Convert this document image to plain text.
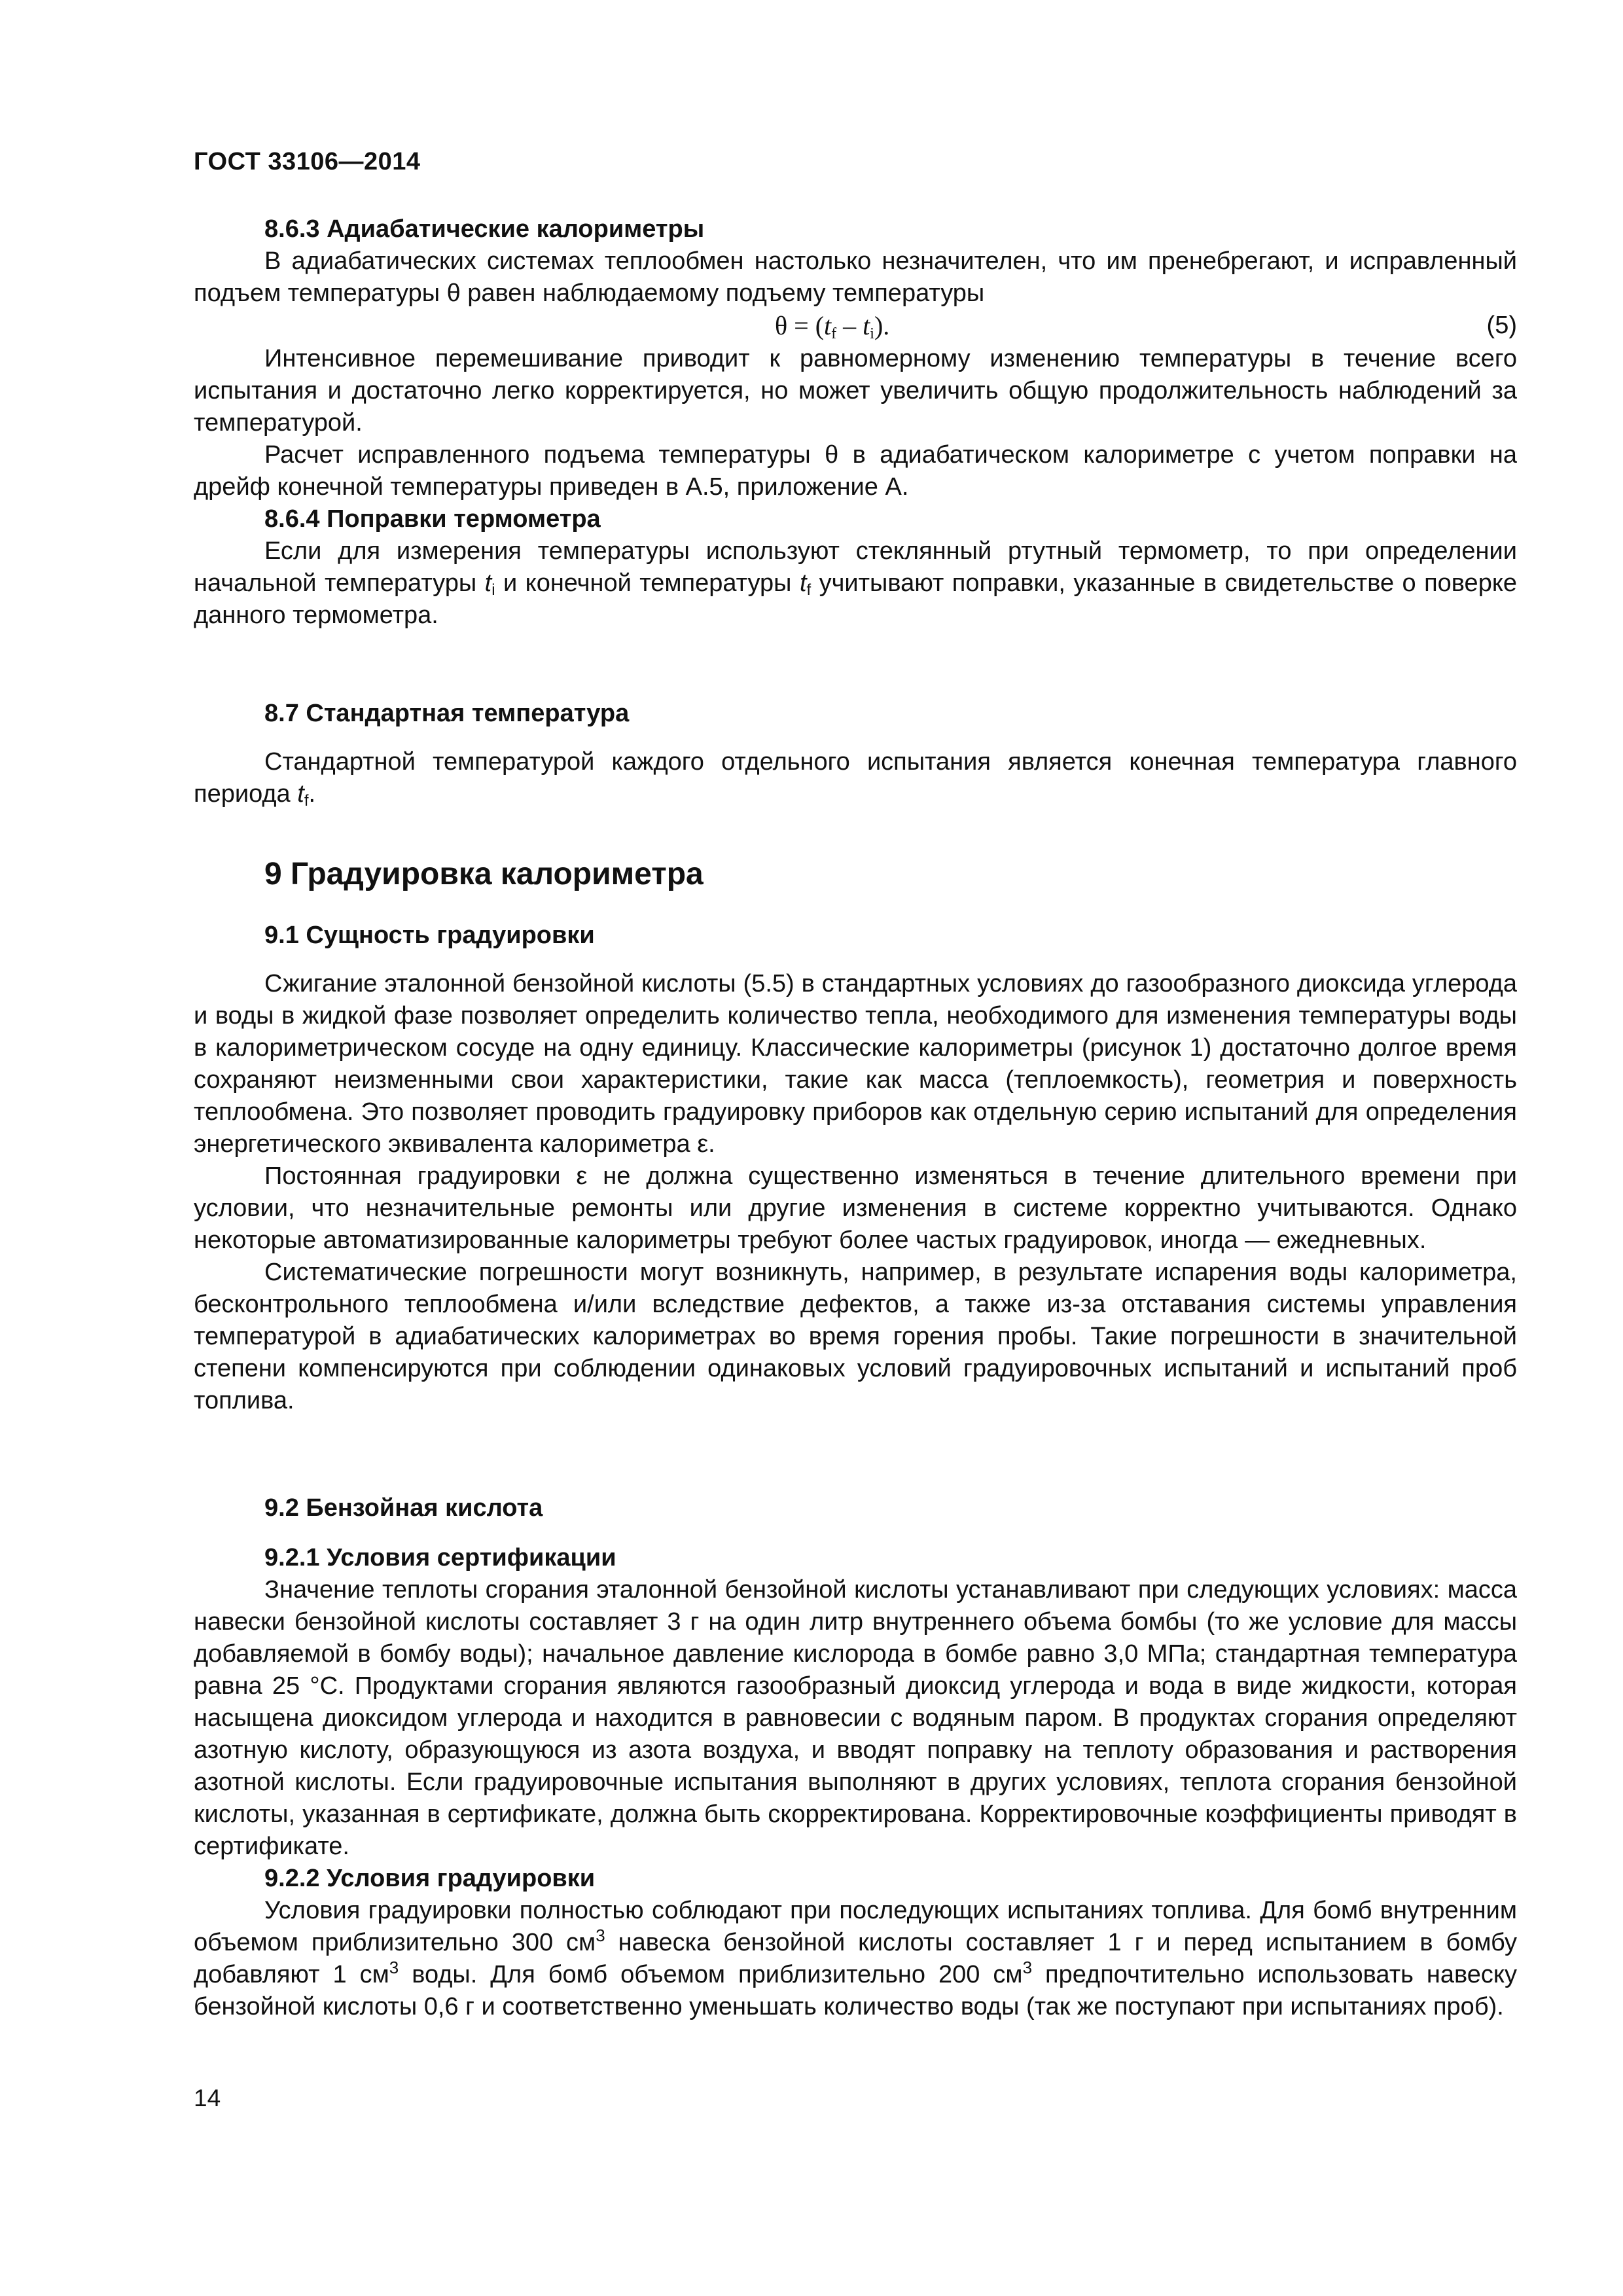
ГОСТ 33106—2014
8.6.3 Адиабатические калориметры

В адиабатических системах теплообмен настолько незначителен, что им пренебрегают, и исправленный подъем температуры θ равен наблюдаемому подъему температуры

$\theta = (t_f - t_i)$.	(5)

Интенсивное перемешивание приводит к равномерному изменению температуры в течение всего испытания и достаточно легко корректируется, но может увеличить общую продолжительность наблюдений за температурой.

Расчет исправленного подъема температуры θ в адиабатическом калориметре с учетом поправки на дрейф конечной температуры приведен в А.5, приложение А.

8.6.4 Поправки термометра

Если для измерения температуры используют стеклянный ртутный термометр, то при определении начальной температуры $t_i$ и конечной температуры $t_f$ учитывают поправки, указанные в свидетельстве о поверке данного термометра.

8.7 Стандартная температура

Стандартной температурой каждого отдельного испытания является конечная температура главного периода $t_f$.

9 Градуировка калориметра
9.1 Сущность градуировки

Сжигание эталонной бензойной кислоты (5.5) в стандартных условиях до газообразного диоксида углерода и воды в жидкой фазе позволяет определить количество тепла, необходимого для изменения температуры воды в калориметрическом сосуде на одну единицу. Классические калориметры (рисунок 1) достаточно долгое время сохраняют неизменными свои характеристики, такие как масса (теплоемкость), геометрия и поверхность теплообмена. Это позволяет проводить градуировку приборов как отдельную серию испытаний для определения энергетического эквивалента калориметра ε.

Постоянная градуировки ε не должна существенно изменяться в течение длительного времени при условии, что незначительные ремонты или другие изменения в системе корректно учитываются. Однако некоторые автоматизированные калориметры требуют более частых градуировок, иногда — ежедневных.

Систематические погрешности могут возникнуть, например, в результате испарения воды калориметра, бесконтрольного теплообмена и/или вследствие дефектов, а также из-за отставания системы управления температурой в адиабатических калориметрах во время горения пробы. Такие погрешности в значительной степени компенсируются при соблюдении одинаковых условий градуировочных испытаний и испытаний проб топлива.

9.2 Бензойная кислота
9.2.1 Условия сертификации

Значение теплоты сгорания эталонной бензойной кислоты устанавливают при следующих условиях: масса навески бензойной кислоты составляет 3 г на один литр внутреннего объема бомбы (то же условие для массы добавляемой в бомбу воды); начальное давление кислорода в бомбе равно 3,0 МПа; стандартная температура равна 25 °С. Продуктами сгорания являются газообразный диоксид углерода и вода в виде жидкости, которая насыщена диоксидом углерода и находится в равновесии с водяным паром. В продуктах сгорания определяют азотную кислоту, образующуюся из азота воздуха, и вводят поправку на теплоту образования и растворения азотной кислоты. Если градуировочные испытания выполняют в других условиях, теплота сгорания бензойной кислоты, указанная в сертификате, должна быть скорректирована. Корректировочные коэффициенты приводят в сертификате.

9.2.2 Условия градуировки

Условия градуировки полностью соблюдают при последующих испытаниях топлива. Для бомб внутренним объемом приблизительно 300 $см^3$ навеска бензойной кислоты составляет 1 г и перед испытанием в бомбу добавляют 1 $см^3$ воды. Для бомб объемом приблизительно 200 $см^3$ предпочтительно использовать навеску бензойной кислоты 0,6 г и соответственно уменьшать количество воды (так же поступают при испытаниях проб).

14
